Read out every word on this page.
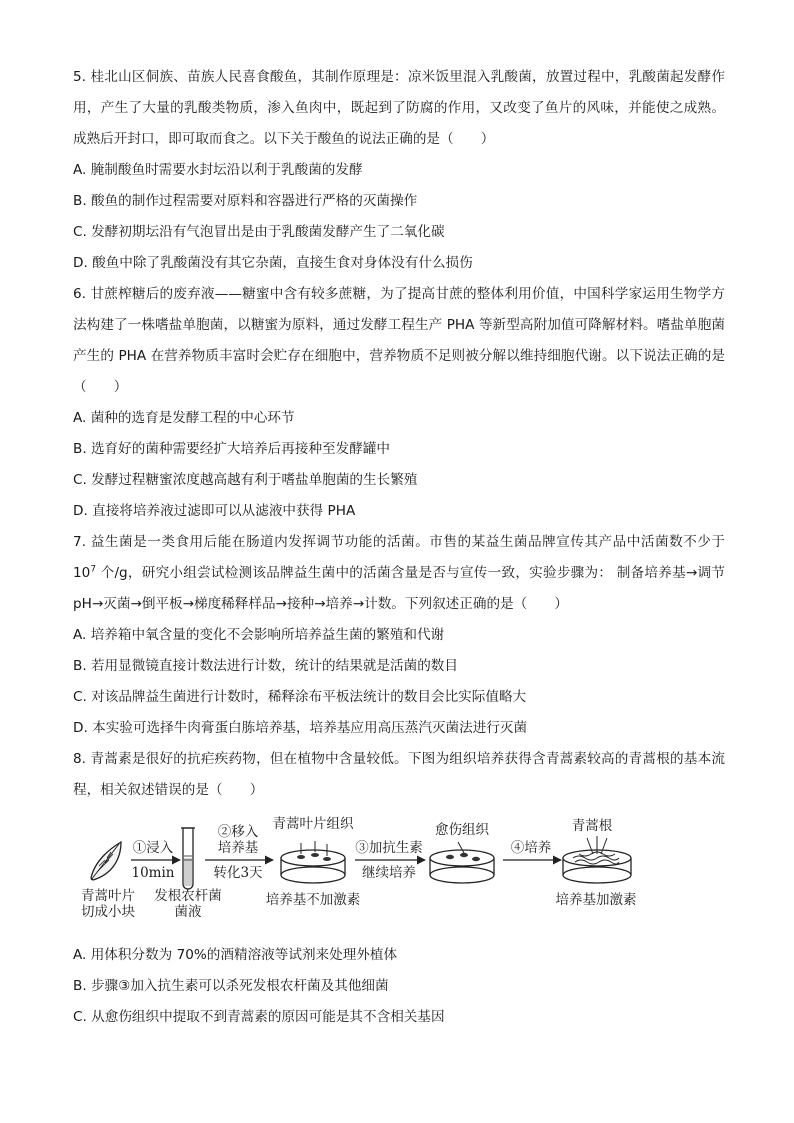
5. 桂北山区侗族、苗族人民喜食酸鱼，其制作原理是：凉米饭里混入乳酸菌，放置过程中，乳酸菌起发酵作用，产生了大量的乳酸类物质，渗入鱼肉中，既起到了防腐的作用，又改变了鱼片的风味，并能使之成熟。成熟后开封口，即可取而食之。以下关于酸鱼的说法正确的是（　　）

A. 腌制酸鱼时需要水封坛沿以利于乳酸菌的发酵

B. 酸鱼的制作过程需要对原料和容器进行严格的灭菌操作

C. 发酵初期坛沿有气泡冒出是由于乳酸菌发酵产生了二氧化碳

D. 酸鱼中除了乳酸菌没有其它杂菌，直接生食对身体没有什么损伤

6. 甘蔗榨糖后的废弃液——糖蜜中含有较多蔗糖，为了提高甘蔗的整体利用价值，中国科学家运用生物学方法构建了一株嗜盐单胞菌，以糖蜜为原料，通过发酵工程生产 PHA 等新型高附加值可降解材料。嗜盐单胞菌产生的 PHA 在营养物质丰富时会贮存在细胞中，营养物质不足则被分解以维持细胞代谢。以下说法正确的是（　　）

A. 菌种的选育是发酵工程的中心环节

B. 选育好的菌种需要经扩大培养后再接种至发酵罐中

C. 发酵过程糖蜜浓度越高越有利于嗜盐单胞菌的生长繁殖

D. 直接将培养液过滤即可以从滤液中获得 PHA

7. 益生菌是一类食用后能在肠道内发挥调节功能的活菌。市售的某益生菌品牌宣传其产品中活菌数不少于 $10^7$ 个/g，研究小组尝试检测该品牌益生菌中的活菌含量是否与宣传一致，实验步骤为： 制备培养基→调节 pH→灭菌→倒平板→梯度稀释样品→接种→培养→计数。下列叙述正确的是（　　）

A. 培养箱中氧含量的变化不会影响所培养益生菌的繁殖和代谢

B. 若用显微镜直接计数法进行计数，统计的结果就是活菌的数目

C. 对该品牌益生菌进行计数时，稀释涂布平板法统计的数目会比实际值略大

D. 本实验可选择牛肉膏蛋白胨培养基，培养基应用高压蒸汽灭菌法进行灭菌

8. 青蒿素是很好的抗疟疾药物，但在植物中含量较低。下图为组织培养获得含青蒿素较高的青蒿根的基本流程，相关叙述错误的是（　　）

青蒿叶片
切成小块
①浸入
10min
发根农杆菌
菌液
②移入
培养基
转化3天
青蒿叶片组织
培养基不加激素
③加抗生素
继续培养
愈伤组织
④培养
青蒿根
培养基加激素

A. 用体积分数为 70%的酒精溶液等试剂来处理外植体

B. 步骤③加入抗生素可以杀死发根农杆菌及其他细菌

C. 从愈伤组织中提取不到青蒿素的原因可能是其不含相关基因
